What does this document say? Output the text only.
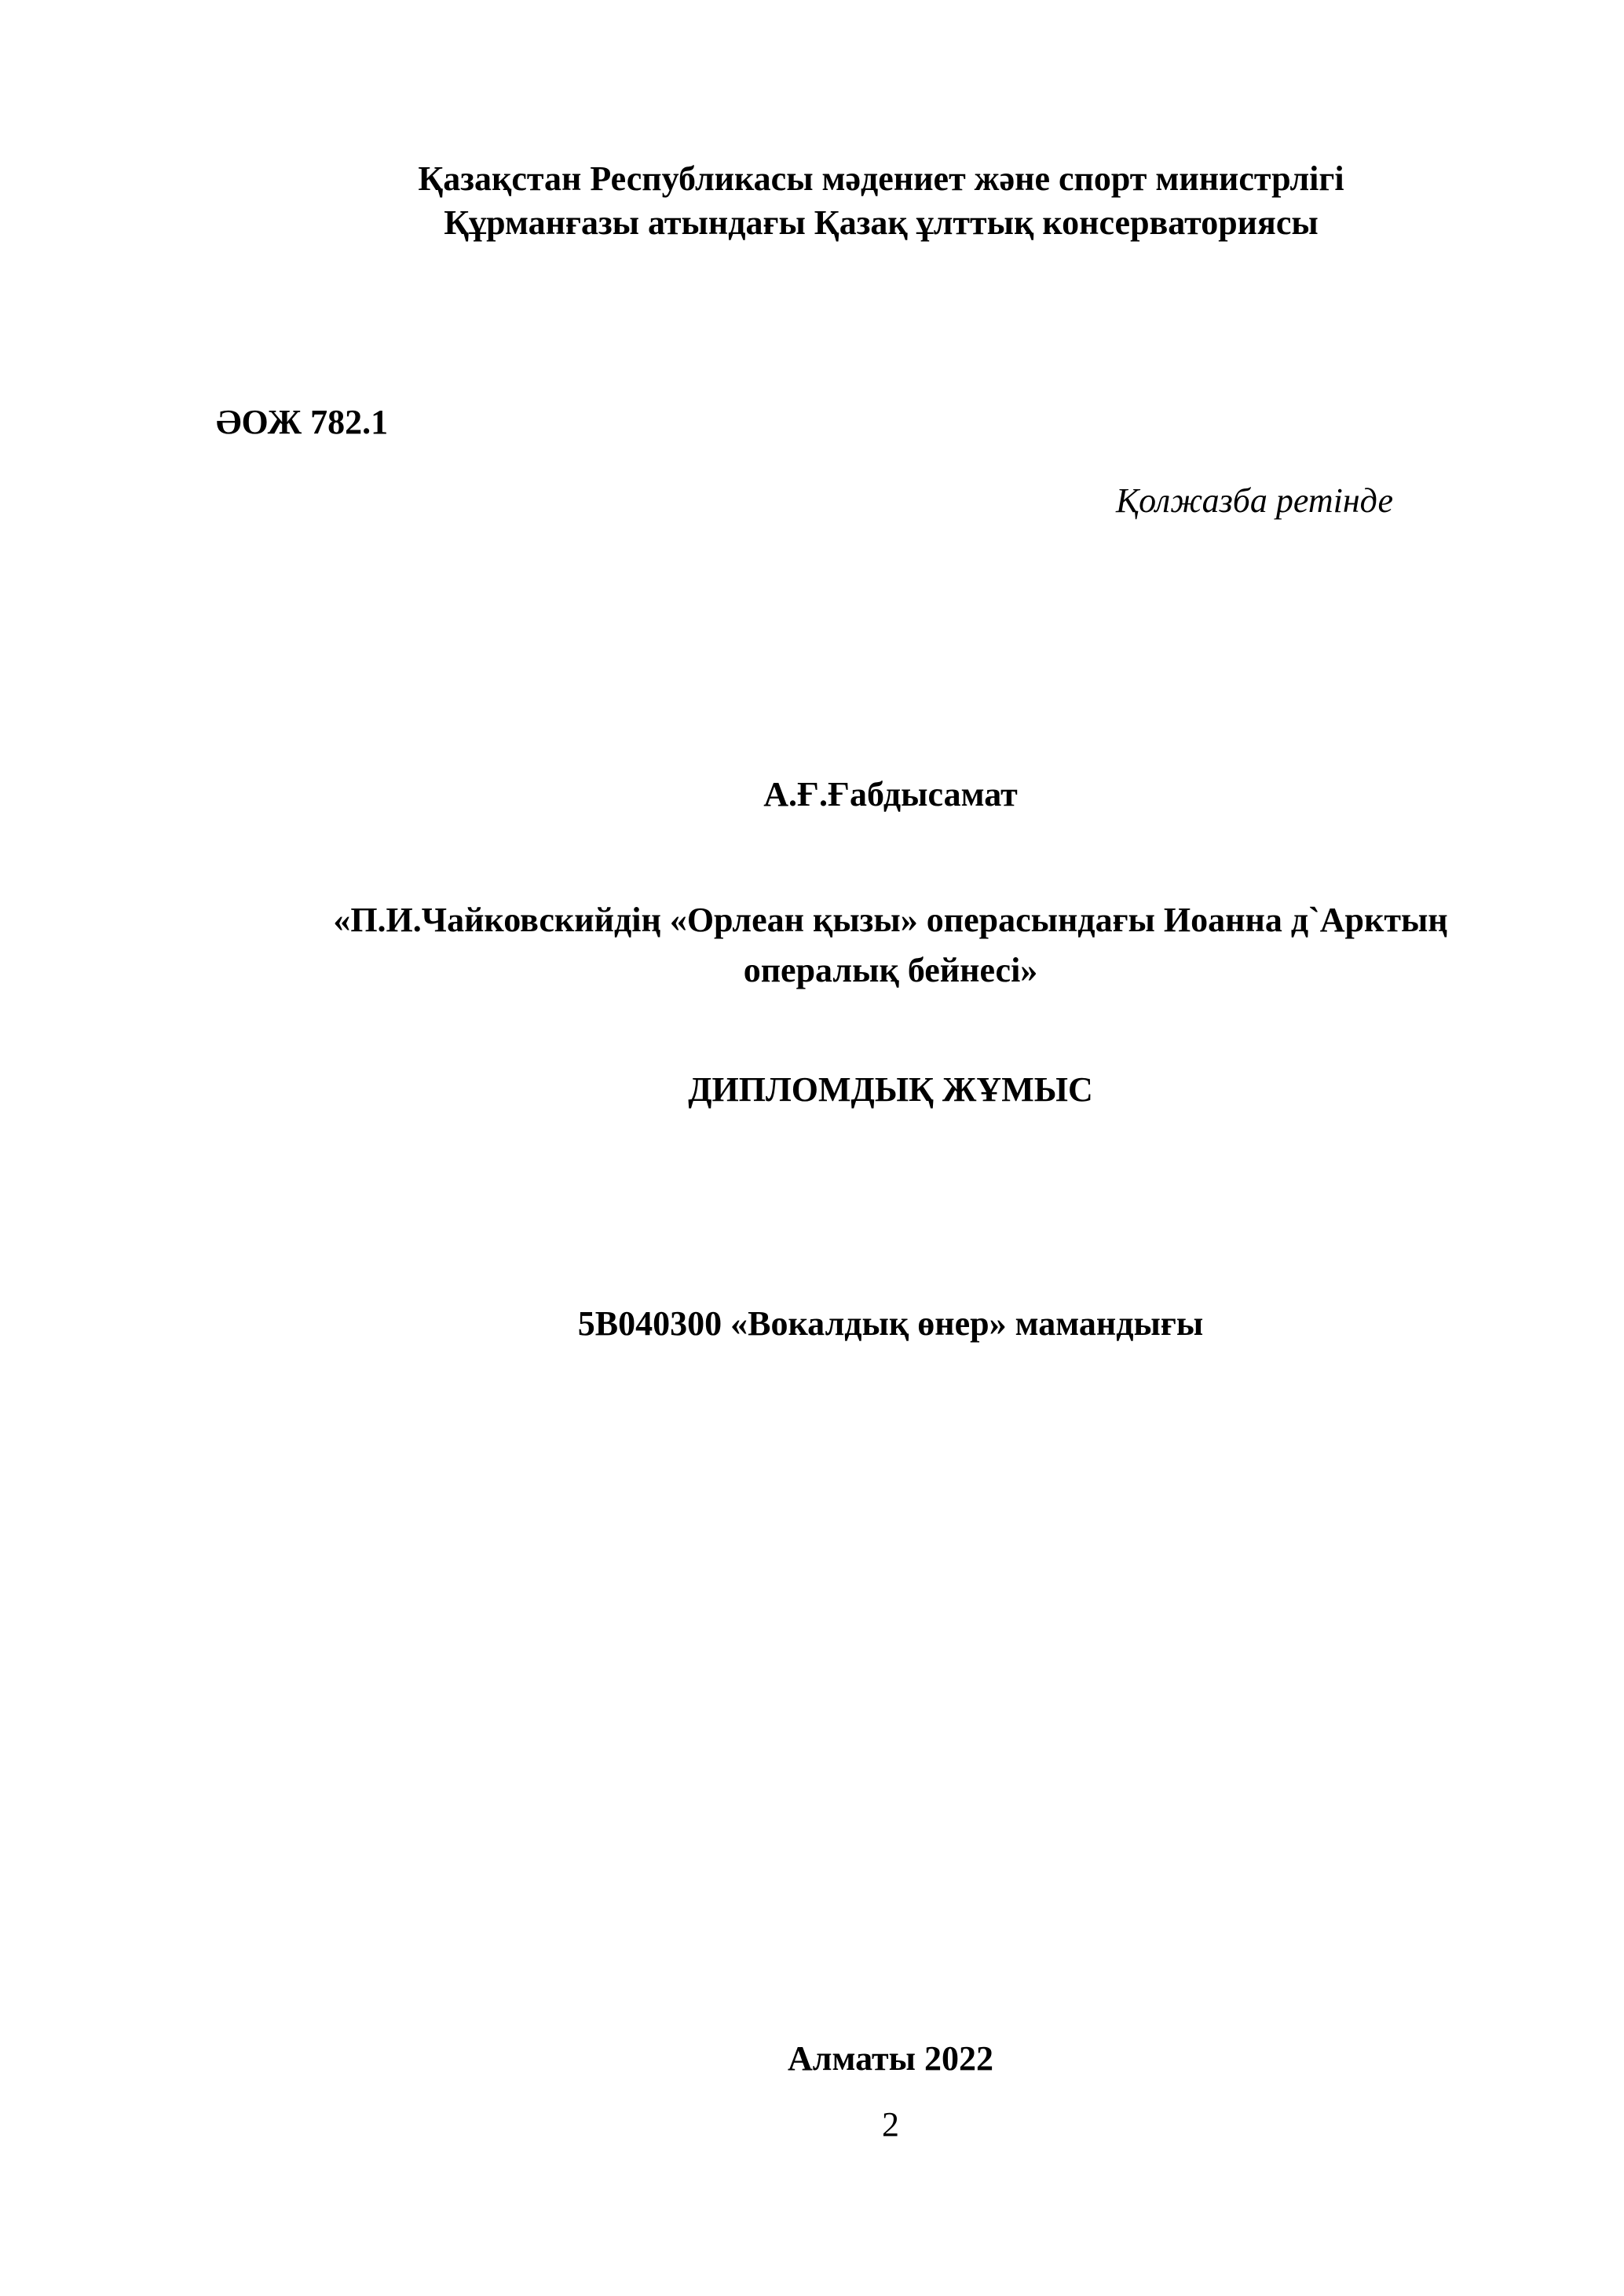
Қазақстан Республикасы мәдениет және спорт министрлігі
Құрманғазы атындағы Қазақ ұлттық консерваториясы
ӘОЖ 782.1
Қолжазба ретінде
А.Ғ.Ғабдысамат
«П.И.Чайковскийдің «Орлеан қызы» операсындағы Иоанна д`Арктың
опералық бейнесі»
ДИПЛОМДЫҚ ЖҰМЫС
5В040300 «Вокалдық өнер» мамандығы
Алматы 2022
2
